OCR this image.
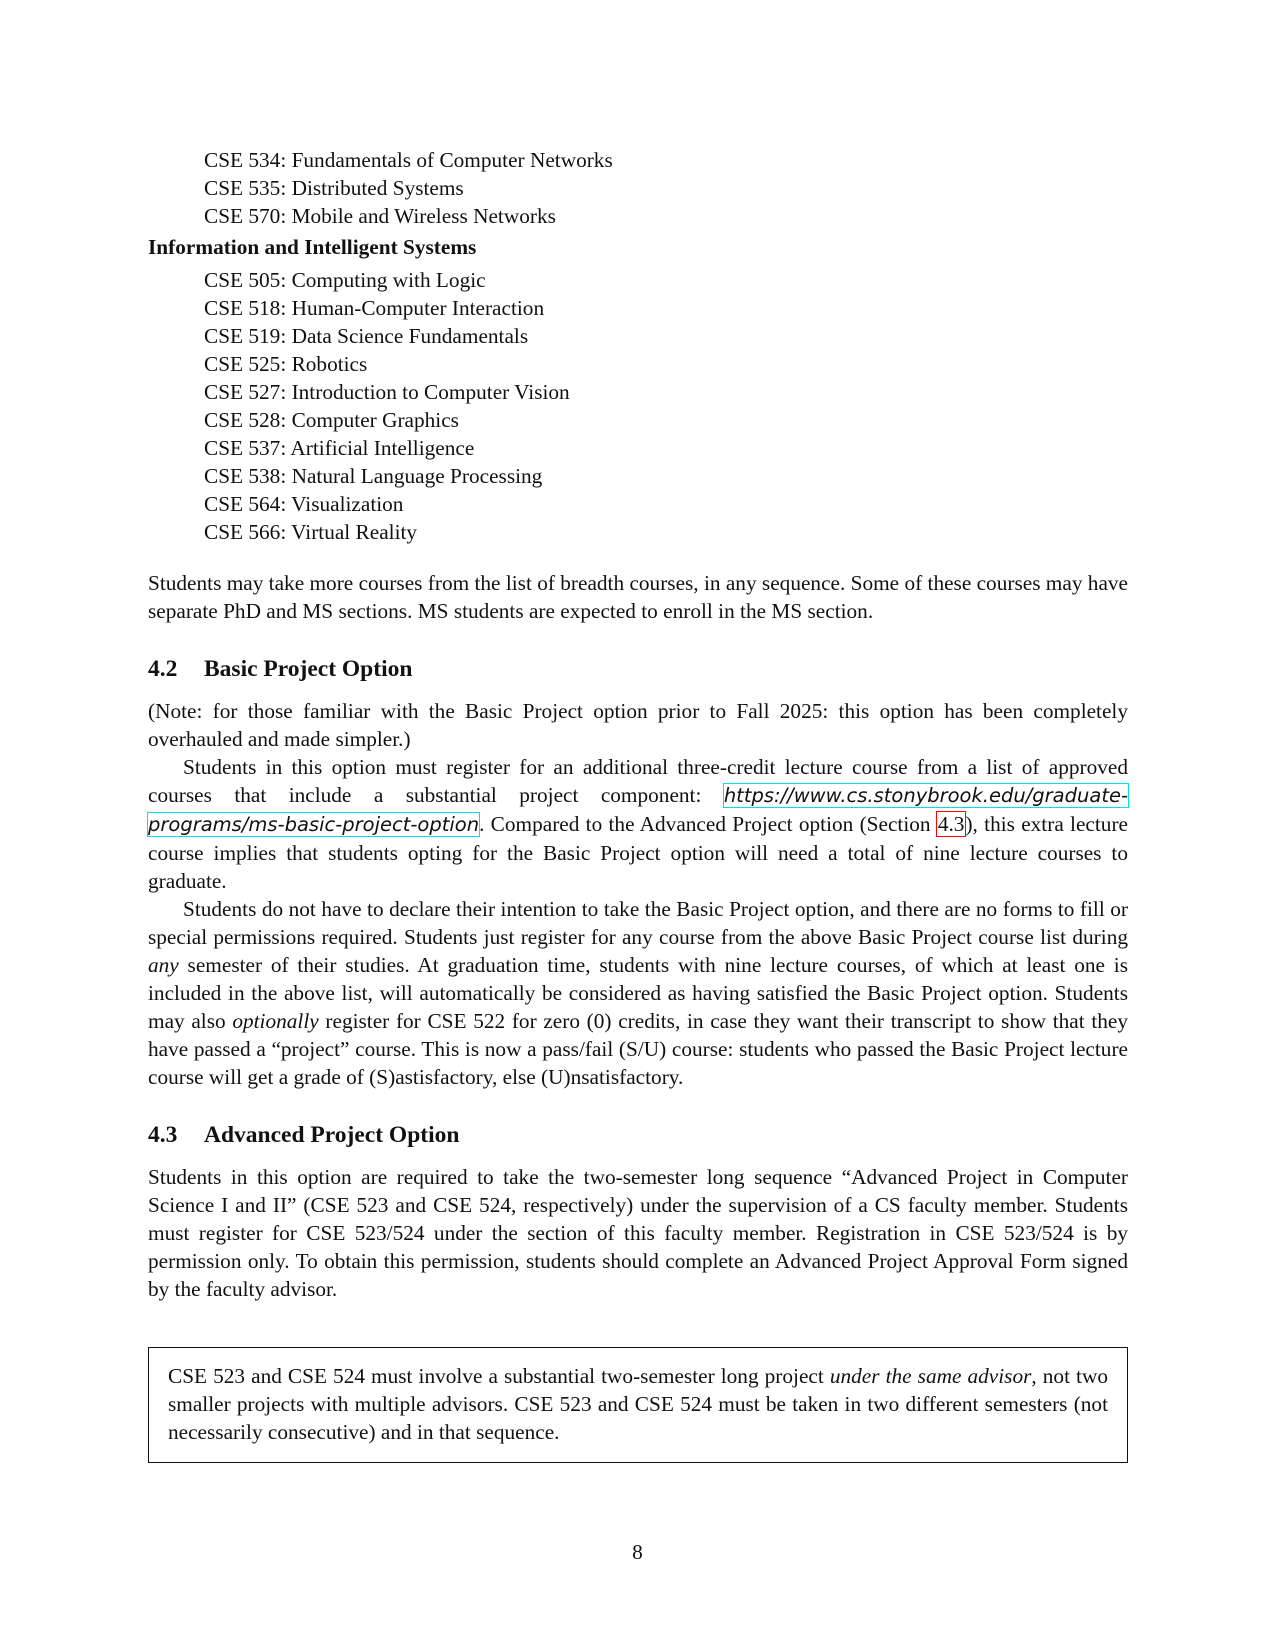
CSE 534: Fundamentals of Computer Networks
CSE 535: Distributed Systems
CSE 570: Mobile and Wireless Networks
Information and Intelligent Systems
CSE 505: Computing with Logic
CSE 518: Human-Computer Interaction
CSE 519: Data Science Fundamentals
CSE 525: Robotics
CSE 527: Introduction to Computer Vision
CSE 528: Computer Graphics
CSE 537: Artificial Intelligence
CSE 538: Natural Language Processing
CSE 564: Visualization
CSE 566: Virtual Reality

Students may take more courses from the list of breadth courses, in any sequence. Some of these courses may have separate PhD and MS sections. MS students are expected to enroll in the MS section.

4.2 Basic Project Option

(Note: for those familiar with the Basic Project option prior to Fall 2025: this option has been completely overhauled and made simpler.)

Students in this option must register for an additional three-credit lecture course from a list of approved courses that include a substantial project component: https://www.cs.stonybrook.edu/graduate-programs/ms-basic-project-option. Compared to the Advanced Project option (Section 4.3), this extra lecture course implies that students opting for the Basic Project option will need a total of nine lecture courses to graduate.

Students do not have to declare their intention to take the Basic Project option, and there are no forms to fill or special permissions required. Students just register for any course from the above Basic Project course list during any semester of their studies. At graduation time, students with nine lecture courses, of which at least one is included in the above list, will automatically be considered as having satisfied the Basic Project option. Students may also optionally register for CSE 522 for zero (0) credits, in case they want their transcript to show that they have passed a “project” course. This is now a pass/fail (S/U) course: students who passed the Basic Project lecture course will get a grade of (S)astisfactory, else (U)nsatisfactory.

4.3 Advanced Project Option

Students in this option are required to take the two-semester long sequence “Advanced Project in Computer Science I and II” (CSE 523 and CSE 524, respectively) under the supervision of a CS faculty member. Students must register for CSE 523/524 under the section of this faculty member. Registration in CSE 523/524 is by permission only. To obtain this permission, students should complete an Advanced Project Approval Form signed by the faculty advisor.

CSE 523 and CSE 524 must involve a substantial two-semester long project under the same advisor, not two smaller projects with multiple advisors. CSE 523 and CSE 524 must be taken in two different semesters (not necessarily consecutive) and in that sequence.

8
